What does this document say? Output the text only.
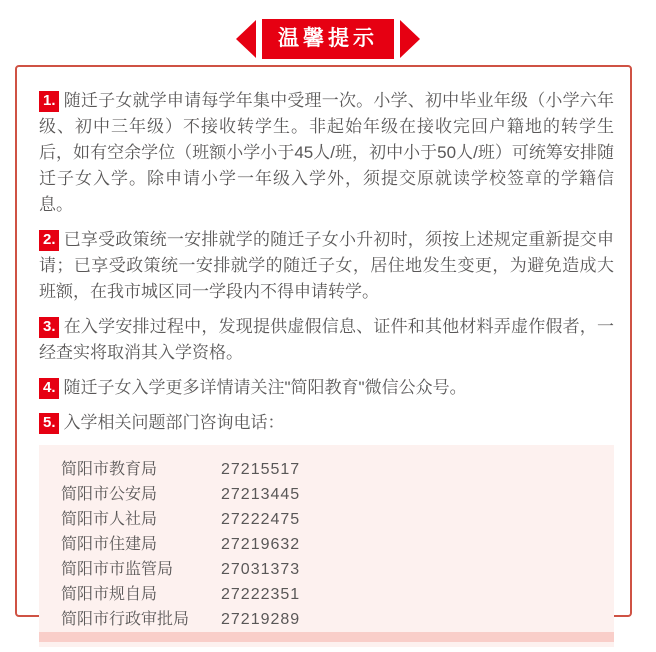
温馨提示

1. 随迁子女就学申请每学年集中受理一次。小学、初中毕业年级（小学六年级、初中三年级）不接收转学生。非起始年级在接收完回户籍地的转学生后，如有空余学位（班额小学小于45人/班，初中小于50人/班）可统筹安排随迁子女入学。除申请小学一年级入学外，须提交原就读学校签章的学籍信息。

2. 已享受政策统一安排就学的随迁子女小升初时，须按上述规定重新提交申请；已享受政策统一安排就学的随迁子女，居住地发生变更，为避免造成大班额，在我市城区同一学段内不得申请转学。

3. 在入学安排过程中，发现提供虚假信息、证件和其他材料弄虚作假者，一经查实将取消其入学资格。

4. 随迁子女入学更多详情请关注"简阳教育"微信公众号。

5. 入学相关问题部门咨询电话：

简阳市教育局	27215517
简阳市公安局	27213445
简阳市人社局	27222475
简阳市住建局	27219632
简阳市市监管局	27031373
简阳市规自局	27222351
简阳市行政审批局	27219289
